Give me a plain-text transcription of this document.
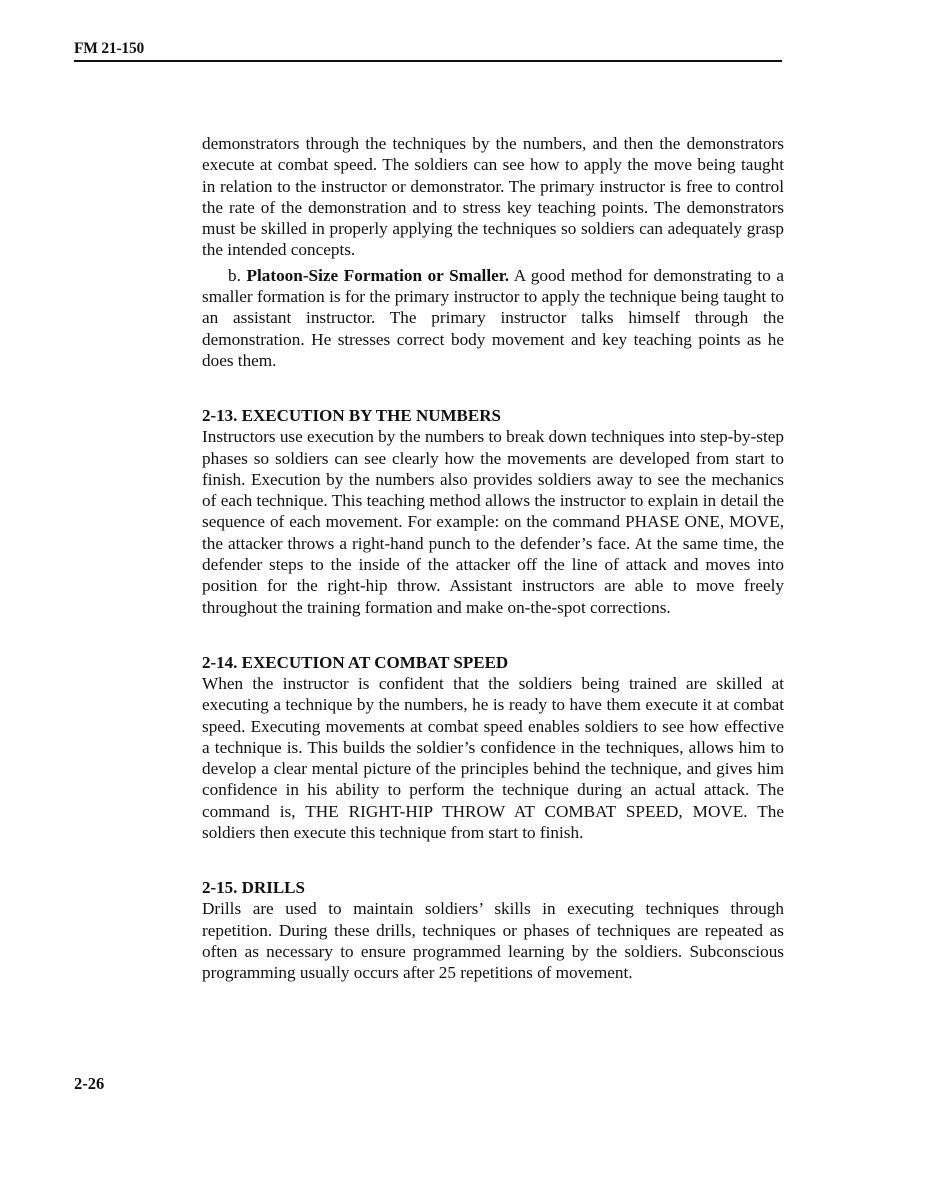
FM 21-150

demonstrators through the techniques by the numbers, and then the demonstrators execute at combat speed. The soldiers can see how to apply the move being taught in relation to the instructor or demonstrator. The primary instructor is free to control the rate of the demonstration and to stress key teaching points. The demonstrators must be skilled in properly applying the techniques so soldiers can adequately grasp the intended concepts.

b. Platoon-Size Formation or Smaller. A good method for demonstrating to a smaller formation is for the primary instructor to apply the technique being taught to an assistant instructor. The primary instructor talks himself through the demonstration. He stresses correct body movement and key teaching points as he does them.

2-13. EXECUTION BY THE NUMBERS

Instructors use execution by the numbers to break down techniques into step-by-step phases so soldiers can see clearly how the movements are developed from start to finish. Execution by the numbers also provides soldiers away to see the mechanics of each technique. This teaching method allows the instructor to explain in detail the sequence of each movement. For example: on the command PHASE ONE, MOVE, the attacker throws a right-hand punch to the defender’s face. At the same time, the defender steps to the inside of the attacker off the line of attack and moves into position for the right-hip throw. Assistant instructors are able to move freely throughout the training formation and make on-the-spot corrections.

2-14. EXECUTION AT COMBAT SPEED

When the instructor is confident that the soldiers being trained are skilled at executing a technique by the numbers, he is ready to have them execute it at combat speed. Executing movements at combat speed enables soldiers to see how effective a technique is. This builds the soldier’s confidence in the techniques, allows him to develop a clear mental picture of the principles behind the technique, and gives him confidence in his ability to perform the technique during an actual attack. The command is, THE RIGHT-HIP THROW AT COMBAT SPEED, MOVE. The soldiers then execute this technique from start to finish.

2-15. DRILLS

Drills are used to maintain soldiers’ skills in executing techniques through repetition. During these drills, techniques or phases of techniques are repeated as often as necessary to ensure programmed learning by the soldiers. Subconscious programming usually occurs after 25 repetitions of movement.

2-26
